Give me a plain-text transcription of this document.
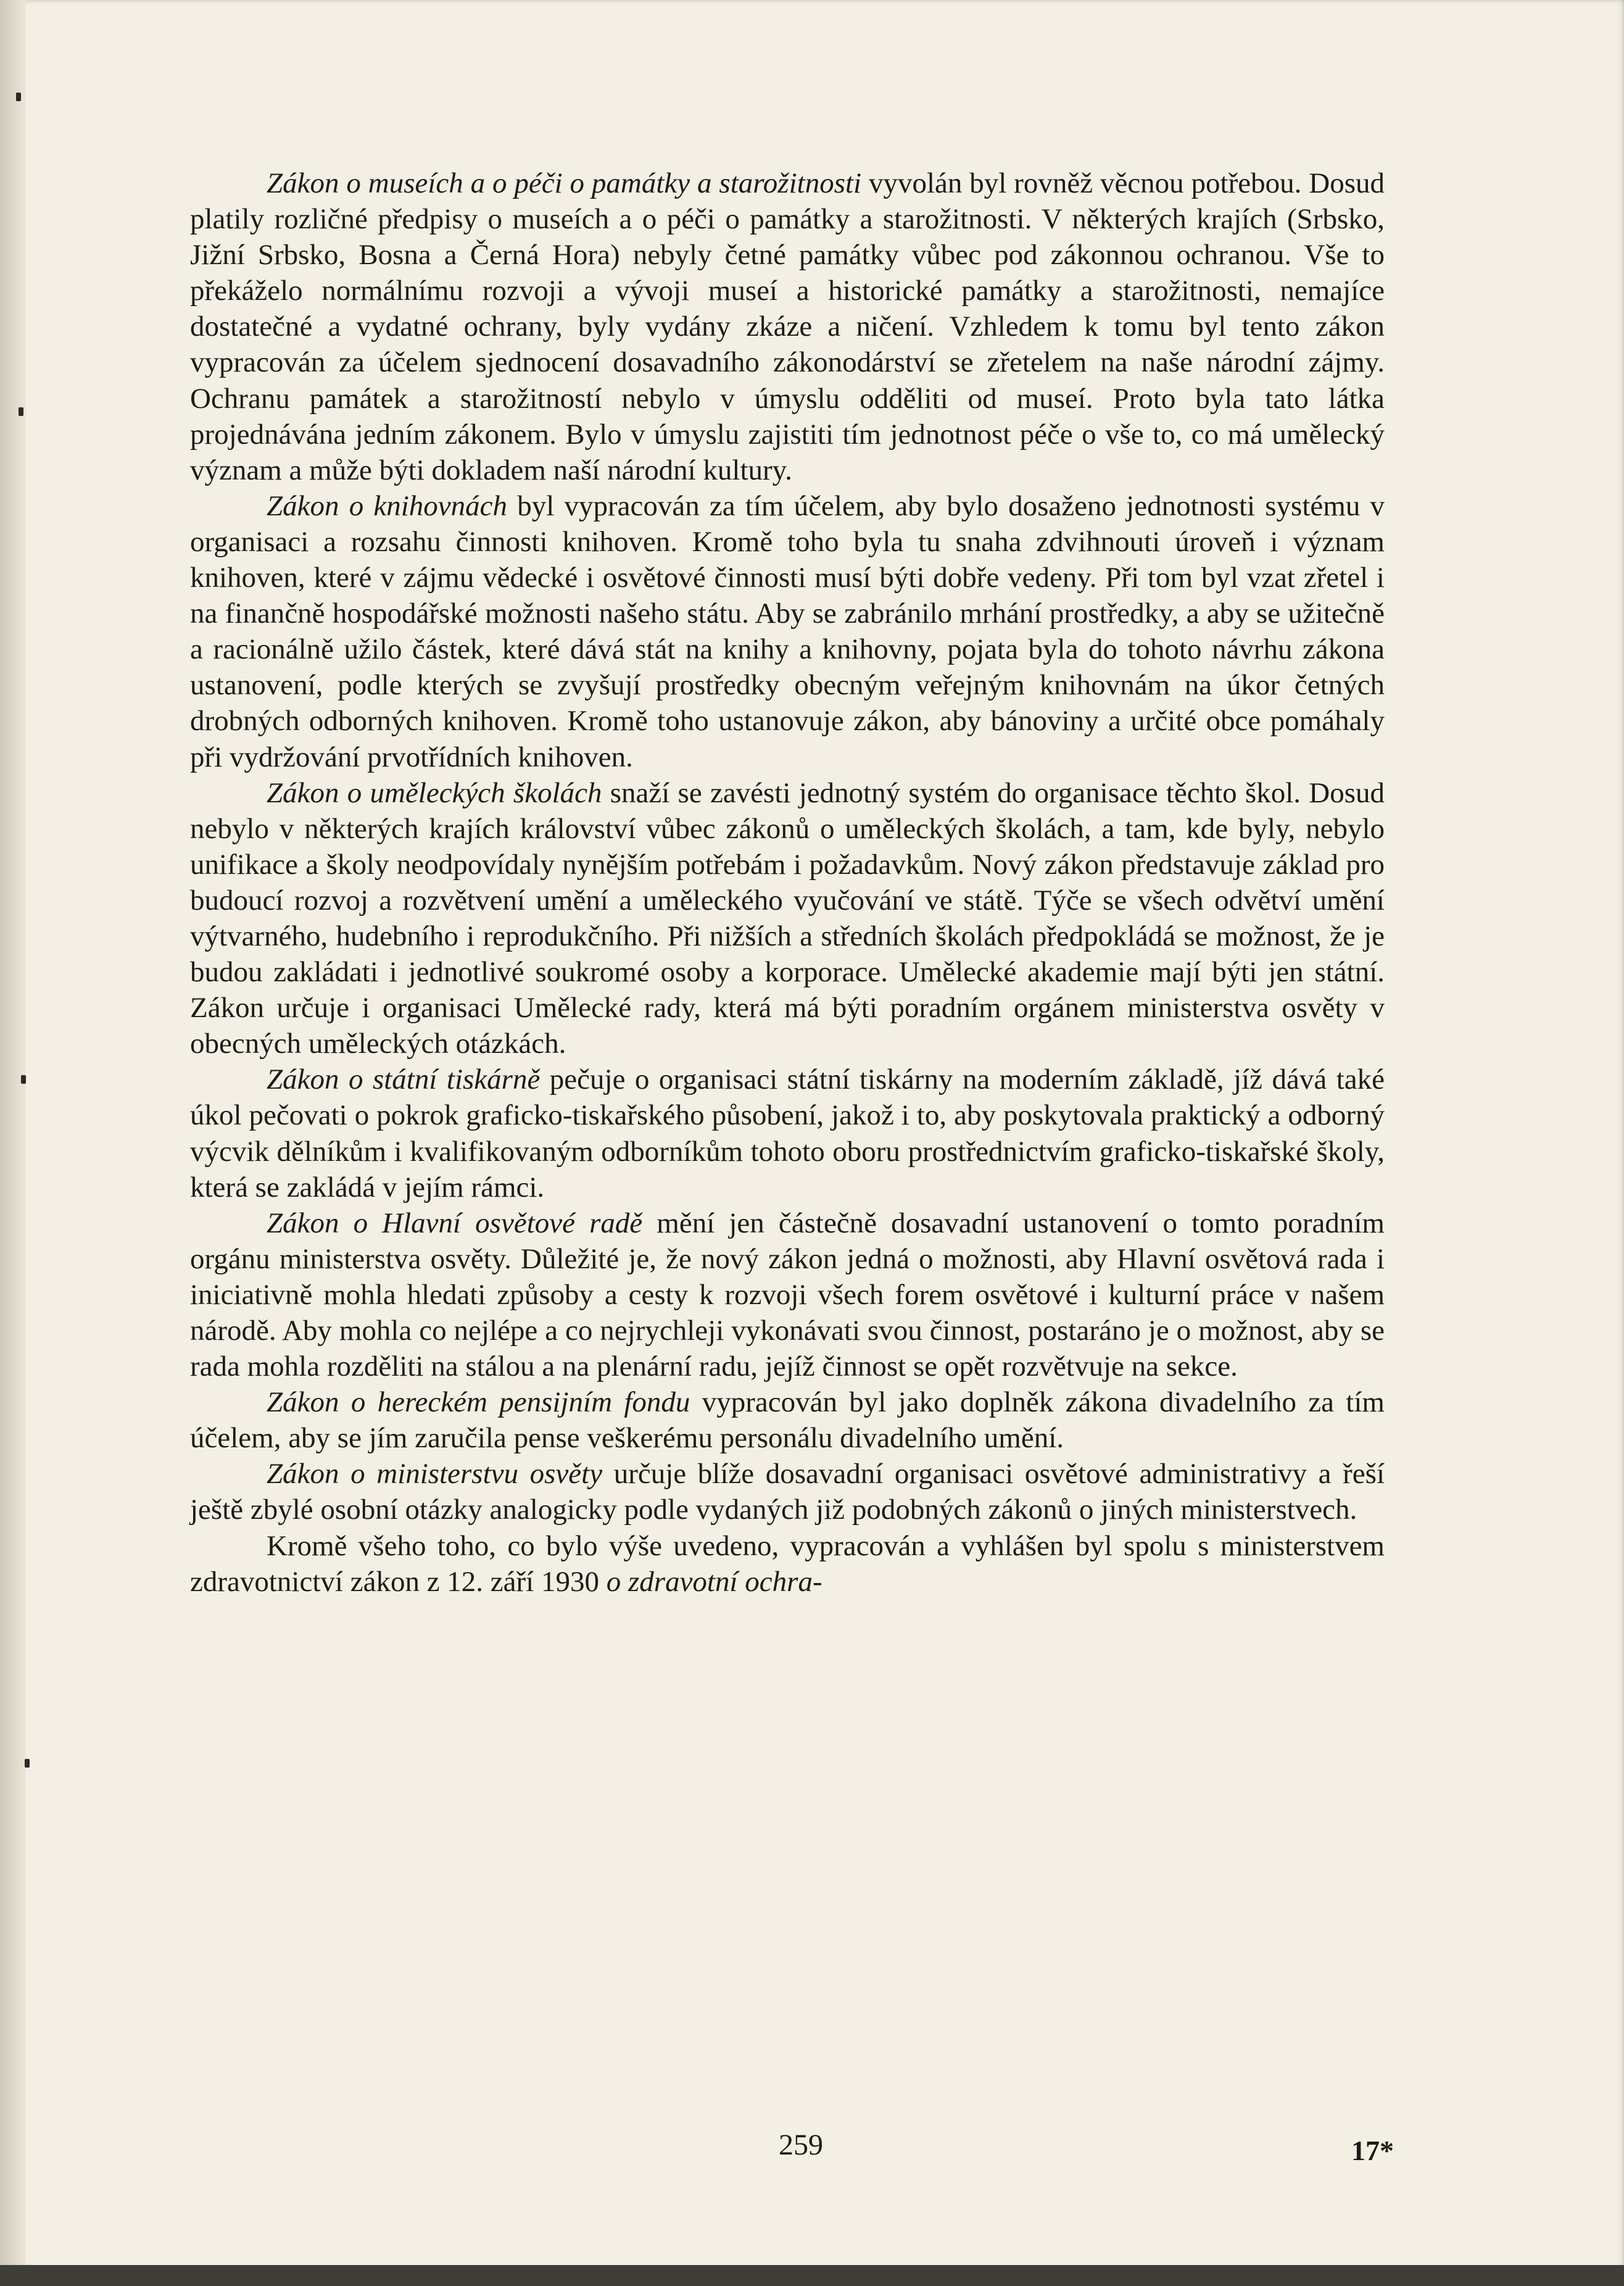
Zákon o museích a o péči o památky a starožitnosti vyvolán byl rovněž věcnou potřebou. Dosud platily rozličné předpisy o museích a o péči o památky a starožitnosti. V některých krajích (Srbsko, Jižní Srbsko, Bosna a Černá Hora) nebyly četné památky vůbec pod zákonnou ochranou. Vše to překáželo normálnímu rozvoji a vývoji museí a historické památky a starožitnosti, nemajíce dostatečné a vydatné ochrany, byly vydány zkáze a ničení. Vzhledem k tomu byl tento zákon vypracován za účelem sjednocení dosavadního zákonodárství se zřetelem na naše národní zájmy. Ochranu památek a starožitností nebylo v úmyslu odděliti od museí. Proto byla tato látka projednávána jedním zákonem. Bylo v úmyslu zajistiti tím jednotnost péče o vše to, co má umělecký význam a může býti dokladem naší národní kultury.

Zákon o knihovnách byl vypracován za tím účelem, aby bylo dosaženo jednotnosti systému v organisaci a rozsahu činnosti knihoven. Kromě toho byla tu snaha zdvihnouti úroveň i význam knihoven, které v zájmu vědecké i osvětové činnosti musí býti dobře vedeny. Při tom byl vzat zřetel i na finančně hospodářské možnosti našeho státu. Aby se zabránilo mrhání prostředky, a aby se užitečně a racionálně užilo částek, které dává stát na knihy a knihovny, pojata byla do tohoto návrhu zákona ustanovení, podle kterých se zvyšují prostředky obecným veřejným knihovnám na úkor četných drobných odborných knihoven. Kromě toho ustanovuje zákon, aby bánoviny a určité obce pomáhaly při vydržování prvotřídních knihoven.

Zákon o uměleckých školách snaží se zavésti jednotný systém do organisace těchto škol. Dosud nebylo v některých krajích království vůbec zákonů o uměleckých školách, a tam, kde byly, nebylo unifikace a školy neodpovídaly nynějším potřebám i požadavkům. Nový zákon představuje základ pro budoucí rozvoj a rozvětvení umění a uměleckého vyučování ve státě. Týče se všech odvětví umění výtvarného, hudebního i reprodukčního. Při nižších a středních školách předpokládá se možnost, že je budou zakládati i jednotlivé soukromé osoby a korporace. Umělecké akademie mají býti jen státní. Zákon určuje i organisaci Umělecké rady, která má býti poradním orgánem ministerstva osvěty v obecných uměleckých otázkách.

Zákon o státní tiskárně pečuje o organisaci státní tiskárny na moderním základě, jíž dává také úkol pečovati o pokrok graficko-tiskařského působení, jakož i to, aby poskytovala praktický a odborný výcvik dělníkům i kvalifikovaným odborníkům tohoto oboru prostřednictvím graficko-tiskařské školy, která se zakládá v jejím rámci.

Zákon o Hlavní osvětové radě mění jen částečně dosavadní ustanovení o tomto poradním orgánu ministerstva osvěty. Důležité je, že nový zákon jedná o možnosti, aby Hlavní osvětová rada i iniciativně mohla hledati způsoby a cesty k rozvoji všech forem osvětové i kulturní práce v našem národě. Aby mohla co nejlépe a co nejrychleji vykonávati svou činnost, postaráno je o možnost, aby se rada mohla rozděliti na stálou a na plenární radu, jejíž činnost se opět rozvětvuje na sekce.

Zákon o hereckém pensijním fondu vypracován byl jako doplněk zákona divadelního za tím účelem, aby se jím zaručila pense veškerému personálu divadelního umění.

Zákon o ministerstvu osvěty určuje blíže dosavadní organisaci osvětové administrativy a řeší ještě zbylé osobní otázky analogicky podle vydaných již podobných zákonů o jiných ministerstvech.

Kromě všeho toho, co bylo výše uvedeno, vypracován a vyhlášen byl spolu s ministerstvem zdravotnictví zákon z 12. září 1930 o zdravotní ochra-

259	17*
